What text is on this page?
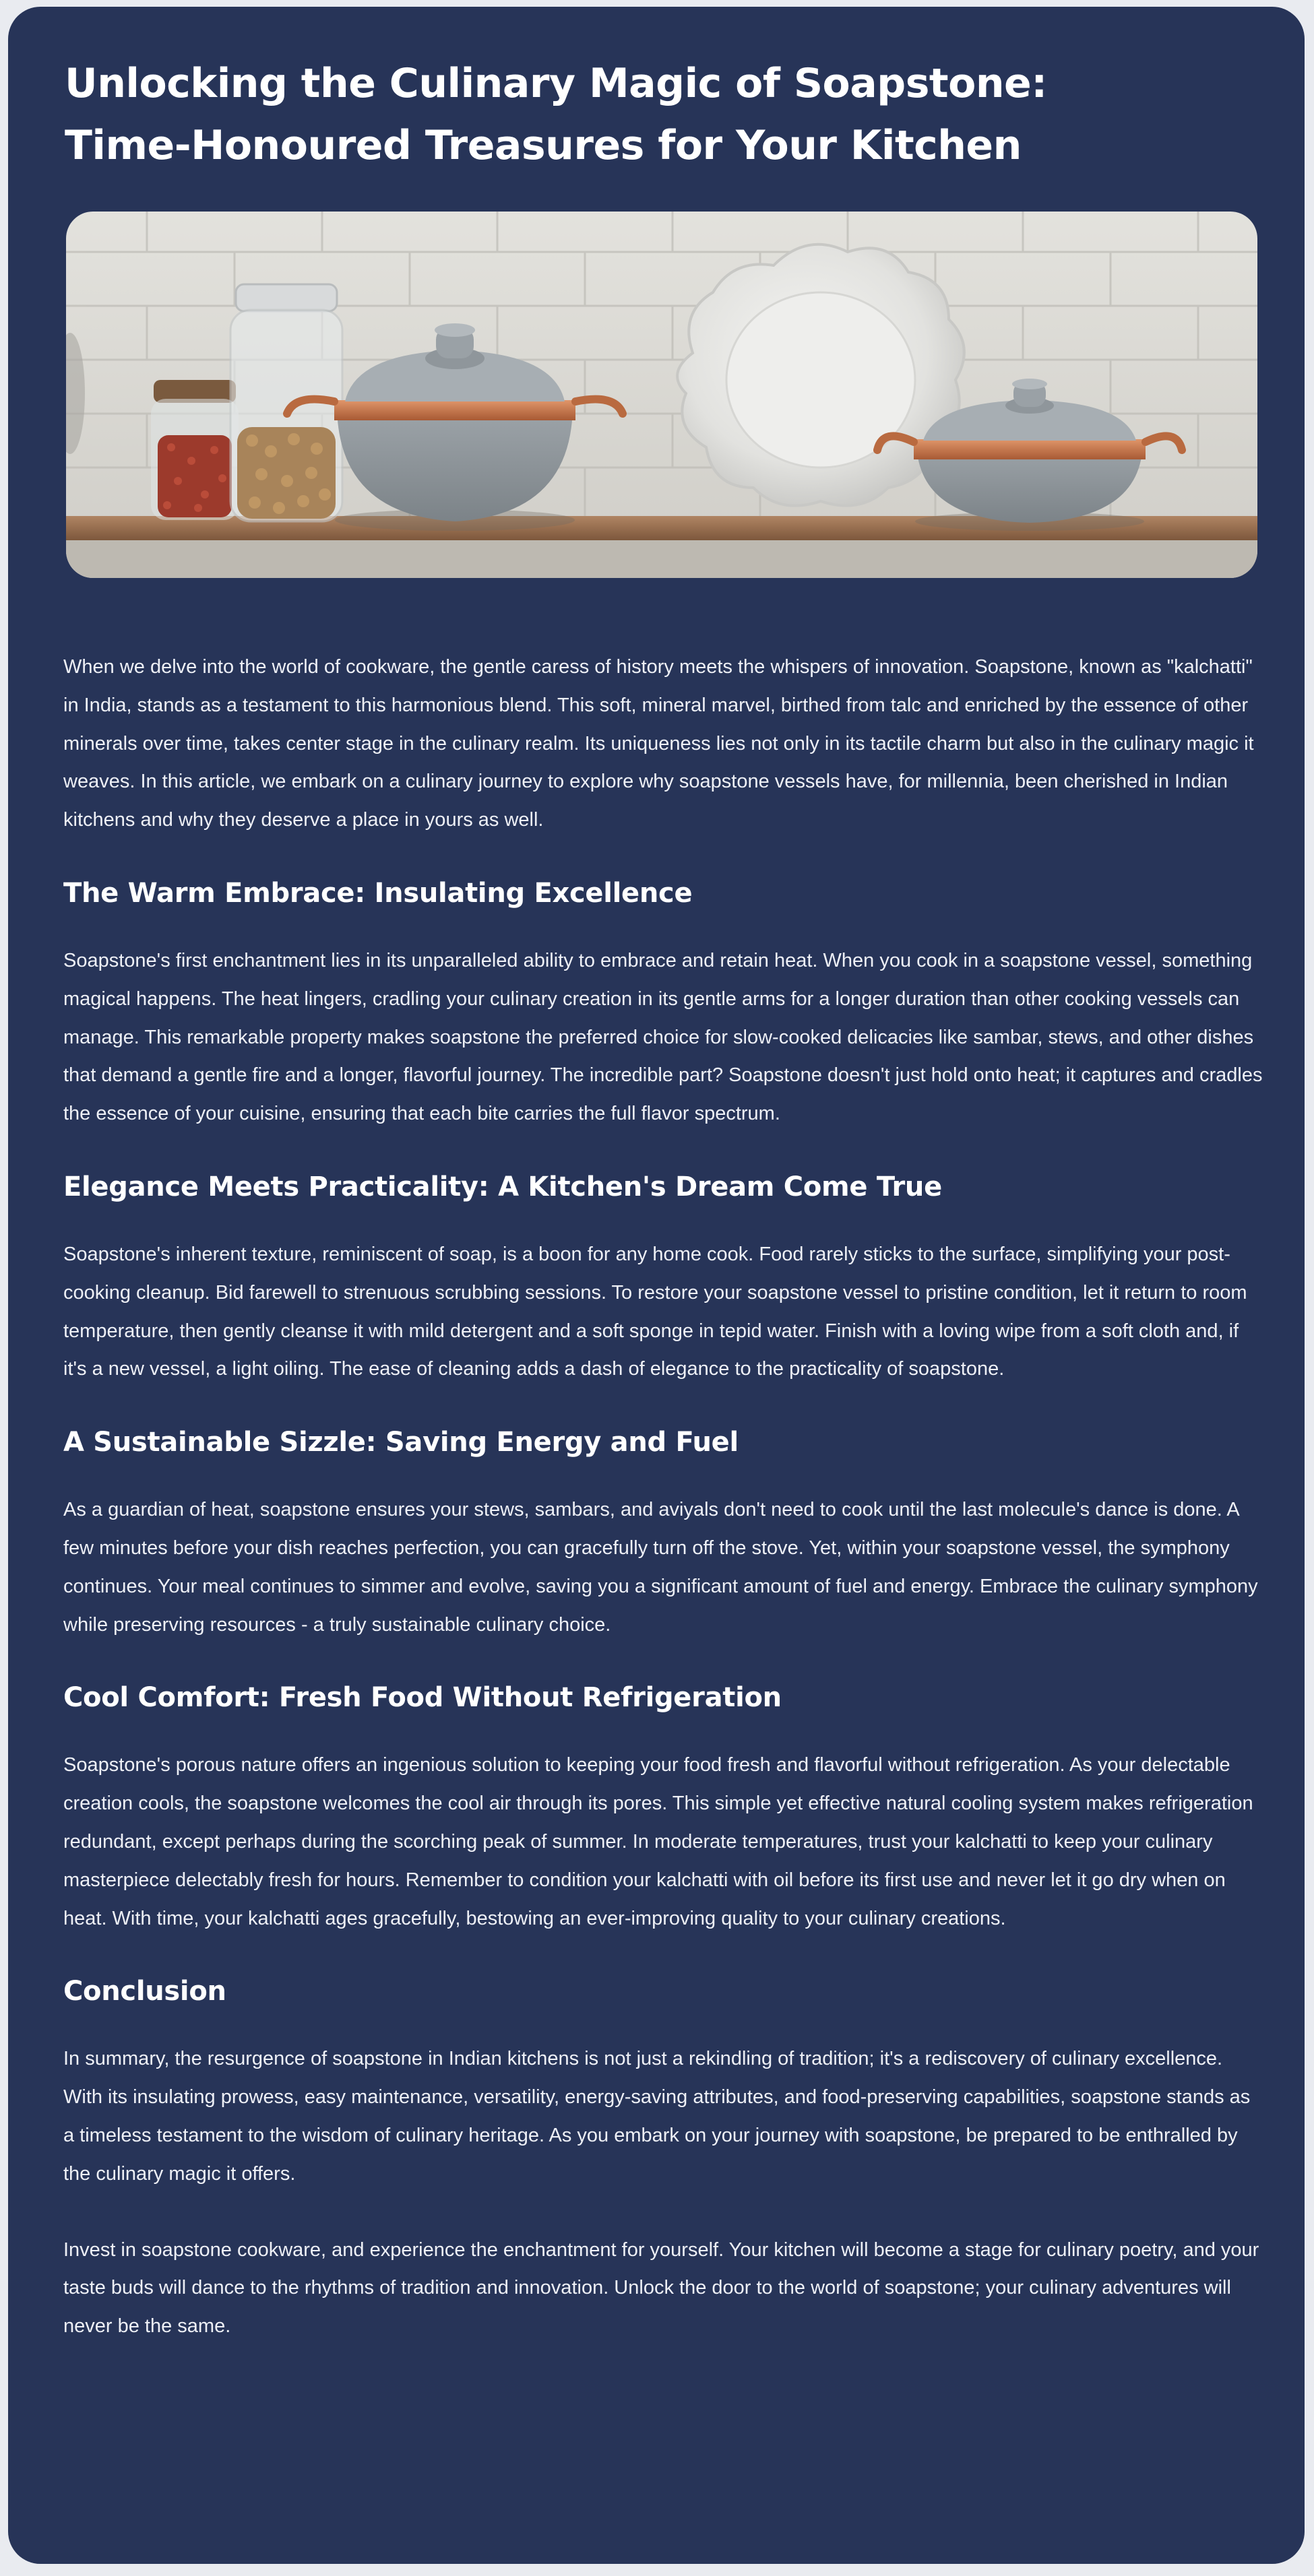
Unlocking the Culinary Magic of Soapstone: Time-Honoured Treasures for Your Kitchen

When we delve into the world of cookware, the gentle caress of history meets the whispers of innovation. Soapstone, known as "kalchatti" in India, stands as a testament to this harmonious blend. This soft, mineral marvel, birthed from talc and enriched by the essence of other minerals over time, takes center stage in the culinary realm. Its uniqueness lies not only in its tactile charm but also in the culinary magic it weaves. In this article, we embark on a culinary journey to explore why soapstone vessels have, for millennia, been cherished in Indian kitchens and why they deserve a place in yours as well.

The Warm Embrace: Insulating Excellence

Soapstone's first enchantment lies in its unparalleled ability to embrace and retain heat. When you cook in a soapstone vessel, something magical happens. The heat lingers, cradling your culinary creation in its gentle arms for a longer duration than other cooking vessels can manage. This remarkable property makes soapstone the preferred choice for slow-cooked delicacies like sambar, stews, and other dishes that demand a gentle fire and a longer, flavorful journey. The incredible part? Soapstone doesn't just hold onto heat; it captures and cradles the essence of your cuisine, ensuring that each bite carries the full flavor spectrum.

Elegance Meets Practicality: A Kitchen's Dream Come True

Soapstone's inherent texture, reminiscent of soap, is a boon for any home cook. Food rarely sticks to the surface, simplifying your post-cooking cleanup. Bid farewell to strenuous scrubbing sessions. To restore your soapstone vessel to pristine condition, let it return to room temperature, then gently cleanse it with mild detergent and a soft sponge in tepid water. Finish with a loving wipe from a soft cloth and, if it's a new vessel, a light oiling. The ease of cleaning adds a dash of elegance to the practicality of soapstone.

A Sustainable Sizzle: Saving Energy and Fuel

As a guardian of heat, soapstone ensures your stews, sambars, and aviyals don't need to cook until the last molecule's dance is done. A few minutes before your dish reaches perfection, you can gracefully turn off the stove. Yet, within your soapstone vessel, the symphony continues. Your meal continues to simmer and evolve, saving you a significant amount of fuel and energy. Embrace the culinary symphony while preserving resources - a truly sustainable culinary choice.

Cool Comfort: Fresh Food Without Refrigeration

Soapstone's porous nature offers an ingenious solution to keeping your food fresh and flavorful without refrigeration. As your delectable creation cools, the soapstone welcomes the cool air through its pores. This simple yet effective natural cooling system makes refrigeration redundant, except perhaps during the scorching peak of summer. In moderate temperatures, trust your kalchatti to keep your culinary masterpiece delectably fresh for hours. Remember to condition your kalchatti with oil before its first use and never let it go dry when on heat. With time, your kalchatti ages gracefully, bestowing an ever-improving quality to your culinary creations.

Conclusion

In summary, the resurgence of soapstone in Indian kitchens is not just a rekindling of tradition; it's a rediscovery of culinary excellence. With its insulating prowess, easy maintenance, versatility, energy-saving attributes, and food-preserving capabilities, soapstone stands as a timeless testament to the wisdom of culinary heritage. As you embark on your journey with soapstone, be prepared to be enthralled by the culinary magic it offers.

Invest in soapstone cookware, and experience the enchantment for yourself. Your kitchen will become a stage for culinary poetry, and your taste buds will dance to the rhythms of tradition and innovation. Unlock the door to the world of soapstone; your culinary adventures will never be the same.
